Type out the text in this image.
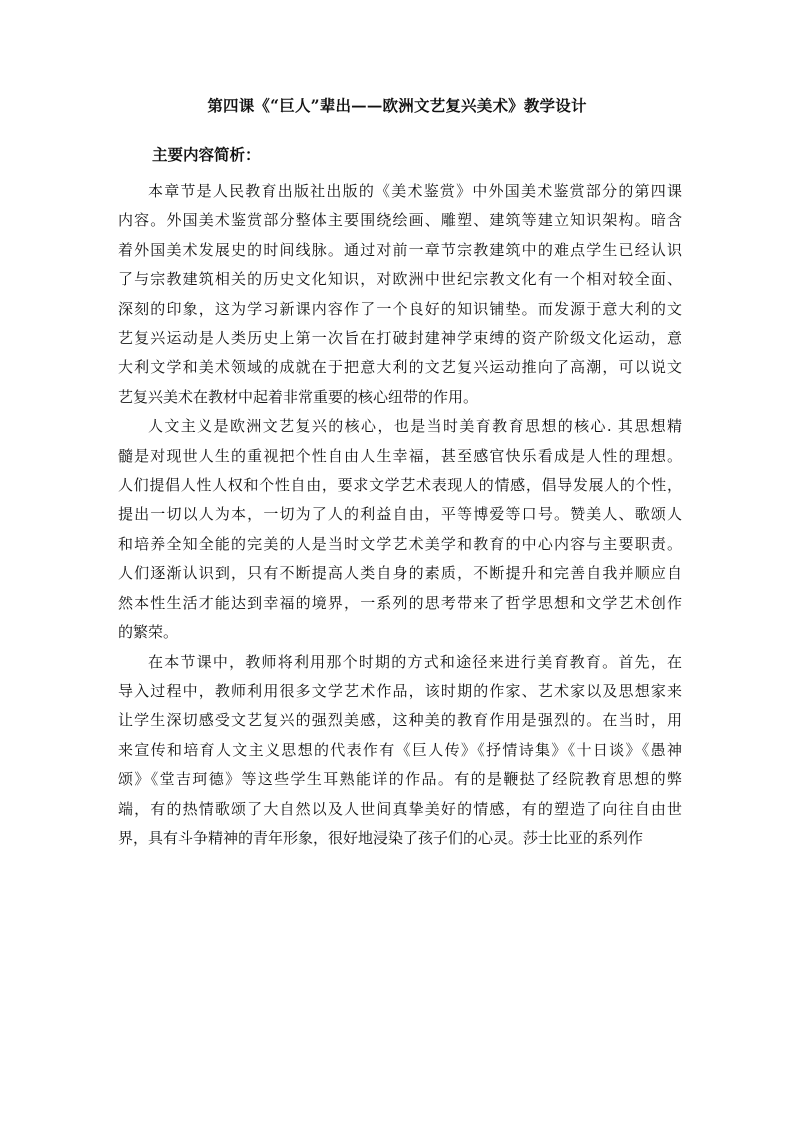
第四课《“巨人”辈出——欧洲文艺复兴美术》教学设计
主要内容简析：
本章节是人民教育出版社出版的《美术鉴赏》中外国美术鉴赏部分的第四课
内容。外国美术鉴赏部分整体主要围绕绘画、雕塑、建筑等建立知识架构。暗含
着外国美术发展史的时间线脉。通过对前一章节宗教建筑中的难点学生已经认识
了与宗教建筑相关的历史文化知识，对欧洲中世纪宗教文化有一个相对较全面、
深刻的印象，这为学习新课内容作了一个良好的知识铺垫。而发源于意大利的文
艺复兴运动是人类历史上第一次旨在打破封建神学束缚的资产阶级文化运动，意
大利文学和美术领域的成就在于把意大利的文艺复兴运动推向了高潮，可以说文
艺复兴美术在教材中起着非常重要的核心纽带的作用。
人文主义是欧洲文艺复兴的核心，也是当时美育教育思想的核心. 其思想精
髓是对现世人生的重视把个性自由人生幸福，甚至感官快乐看成是人性的理想。
人们提倡人性人权和个性自由，要求文学艺术表现人的情感，倡导发展人的个性，
提出一切以人为本，一切为了人的利益自由，平等博爱等口号。赞美人、歌颂人
和培养全知全能的完美的人是当时文学艺术美学和教育的中心内容与主要职责。
人们逐渐认识到，只有不断提高人类自身的素质，不断提升和完善自我并顺应自
然本性生活才能达到幸福的境界，一系列的思考带来了哲学思想和文学艺术创作
的繁荣。
在本节课中，教师将利用那个时期的方式和途径来进行美育教育。首先，在
导入过程中，教师利用很多文学艺术作品，该时期的作家、艺术家以及思想家来
让学生深切感受文艺复兴的强烈美感，这种美的教育作用是强烈的。在当时，用
来宣传和培育人文主义思想的代表作有《巨人传》《抒情诗集》《十日谈》《愚神
颂》《堂吉珂德》等这些学生耳熟能详的作品。有的是鞭挞了经院教育思想的弊
端，有的热情歌颂了大自然以及人世间真挚美好的情感，有的塑造了向往自由世
界，具有斗争精神的青年形象，很好地浸染了孩子们的心灵。莎士比亚的系列作
